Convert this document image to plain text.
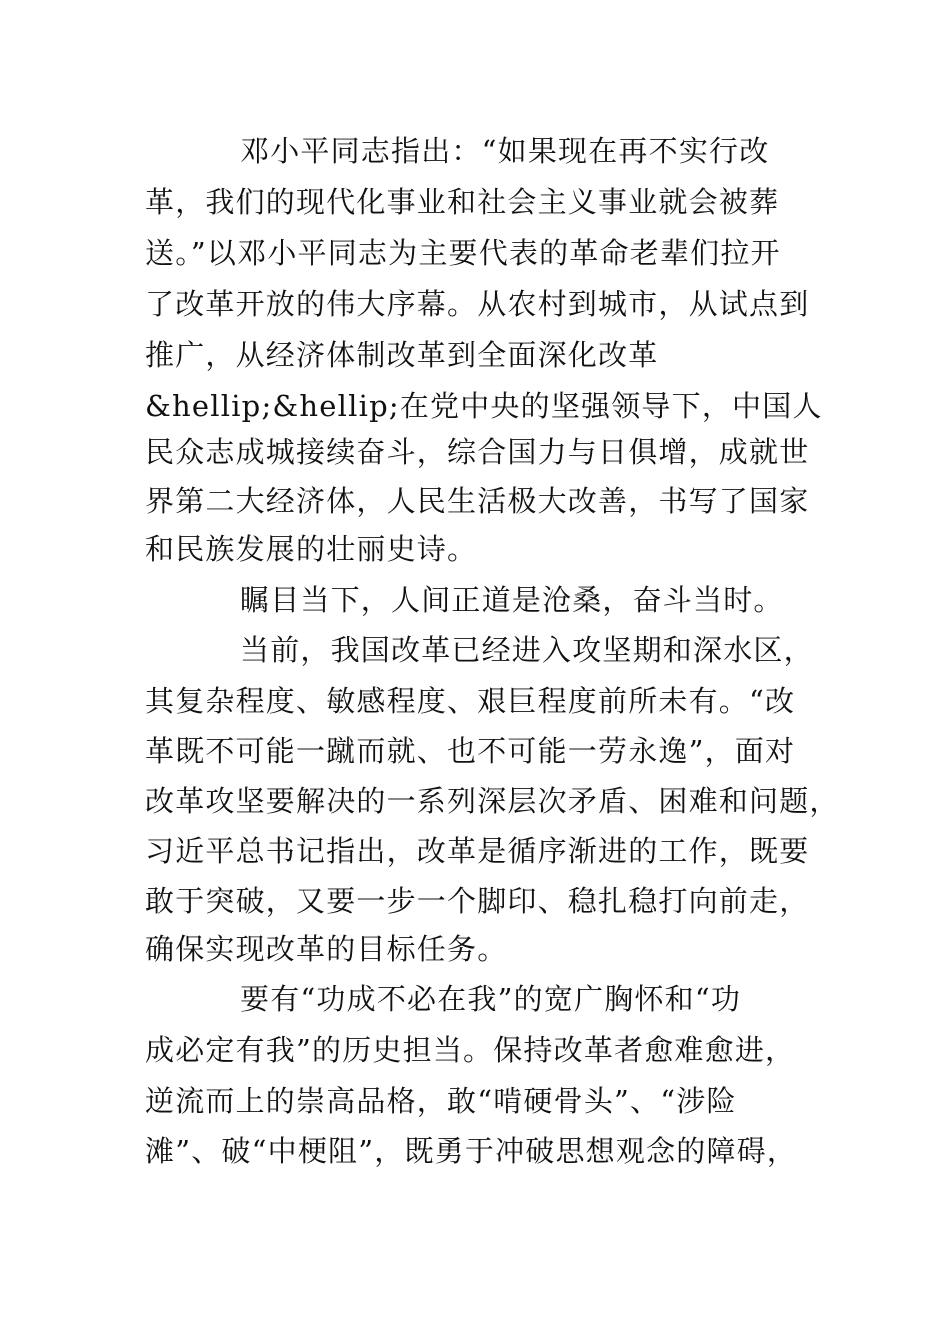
邓小平同志指出：“如果现在再不实行改

革，我们的现代化事业和社会主义事业就会被葬

送。”以邓小平同志为主要代表的革命老辈们拉开

了改革开放的伟大序幕。从农村到城市，从试点到

推广，从经济体制改革到全面深化改革

&hellip;&hellip;在党中央的坚强领导下，中国人

民众志成城接续奋斗，综合国力与日俱增，成就世

界第二大经济体，人民生活极大改善，书写了国家

和民族发展的壮丽史诗。

瞩目当下，人间正道是沧桑，奋斗当时。

当前，我国改革已经进入攻坚期和深水区，

其复杂程度、敏感程度、艰巨程度前所未有。“改

革既不可能一蹴而就、也不可能一劳永逸”，面对

改革攻坚要解决的一系列深层次矛盾、困难和问题，

习近平总书记指出，改革是循序渐进的工作，既要

敢于突破，又要一步一个脚印、稳扎稳打向前走，

确保实现改革的目标任务。

要有“功成不必在我”的宽广胸怀和“功

成必定有我”的历史担当。保持改革者愈难愈进，

逆流而上的崇高品格，敢“啃硬骨头”、“涉险

滩”、破“中梗阻”，既勇于冲破思想观念的障碍，
